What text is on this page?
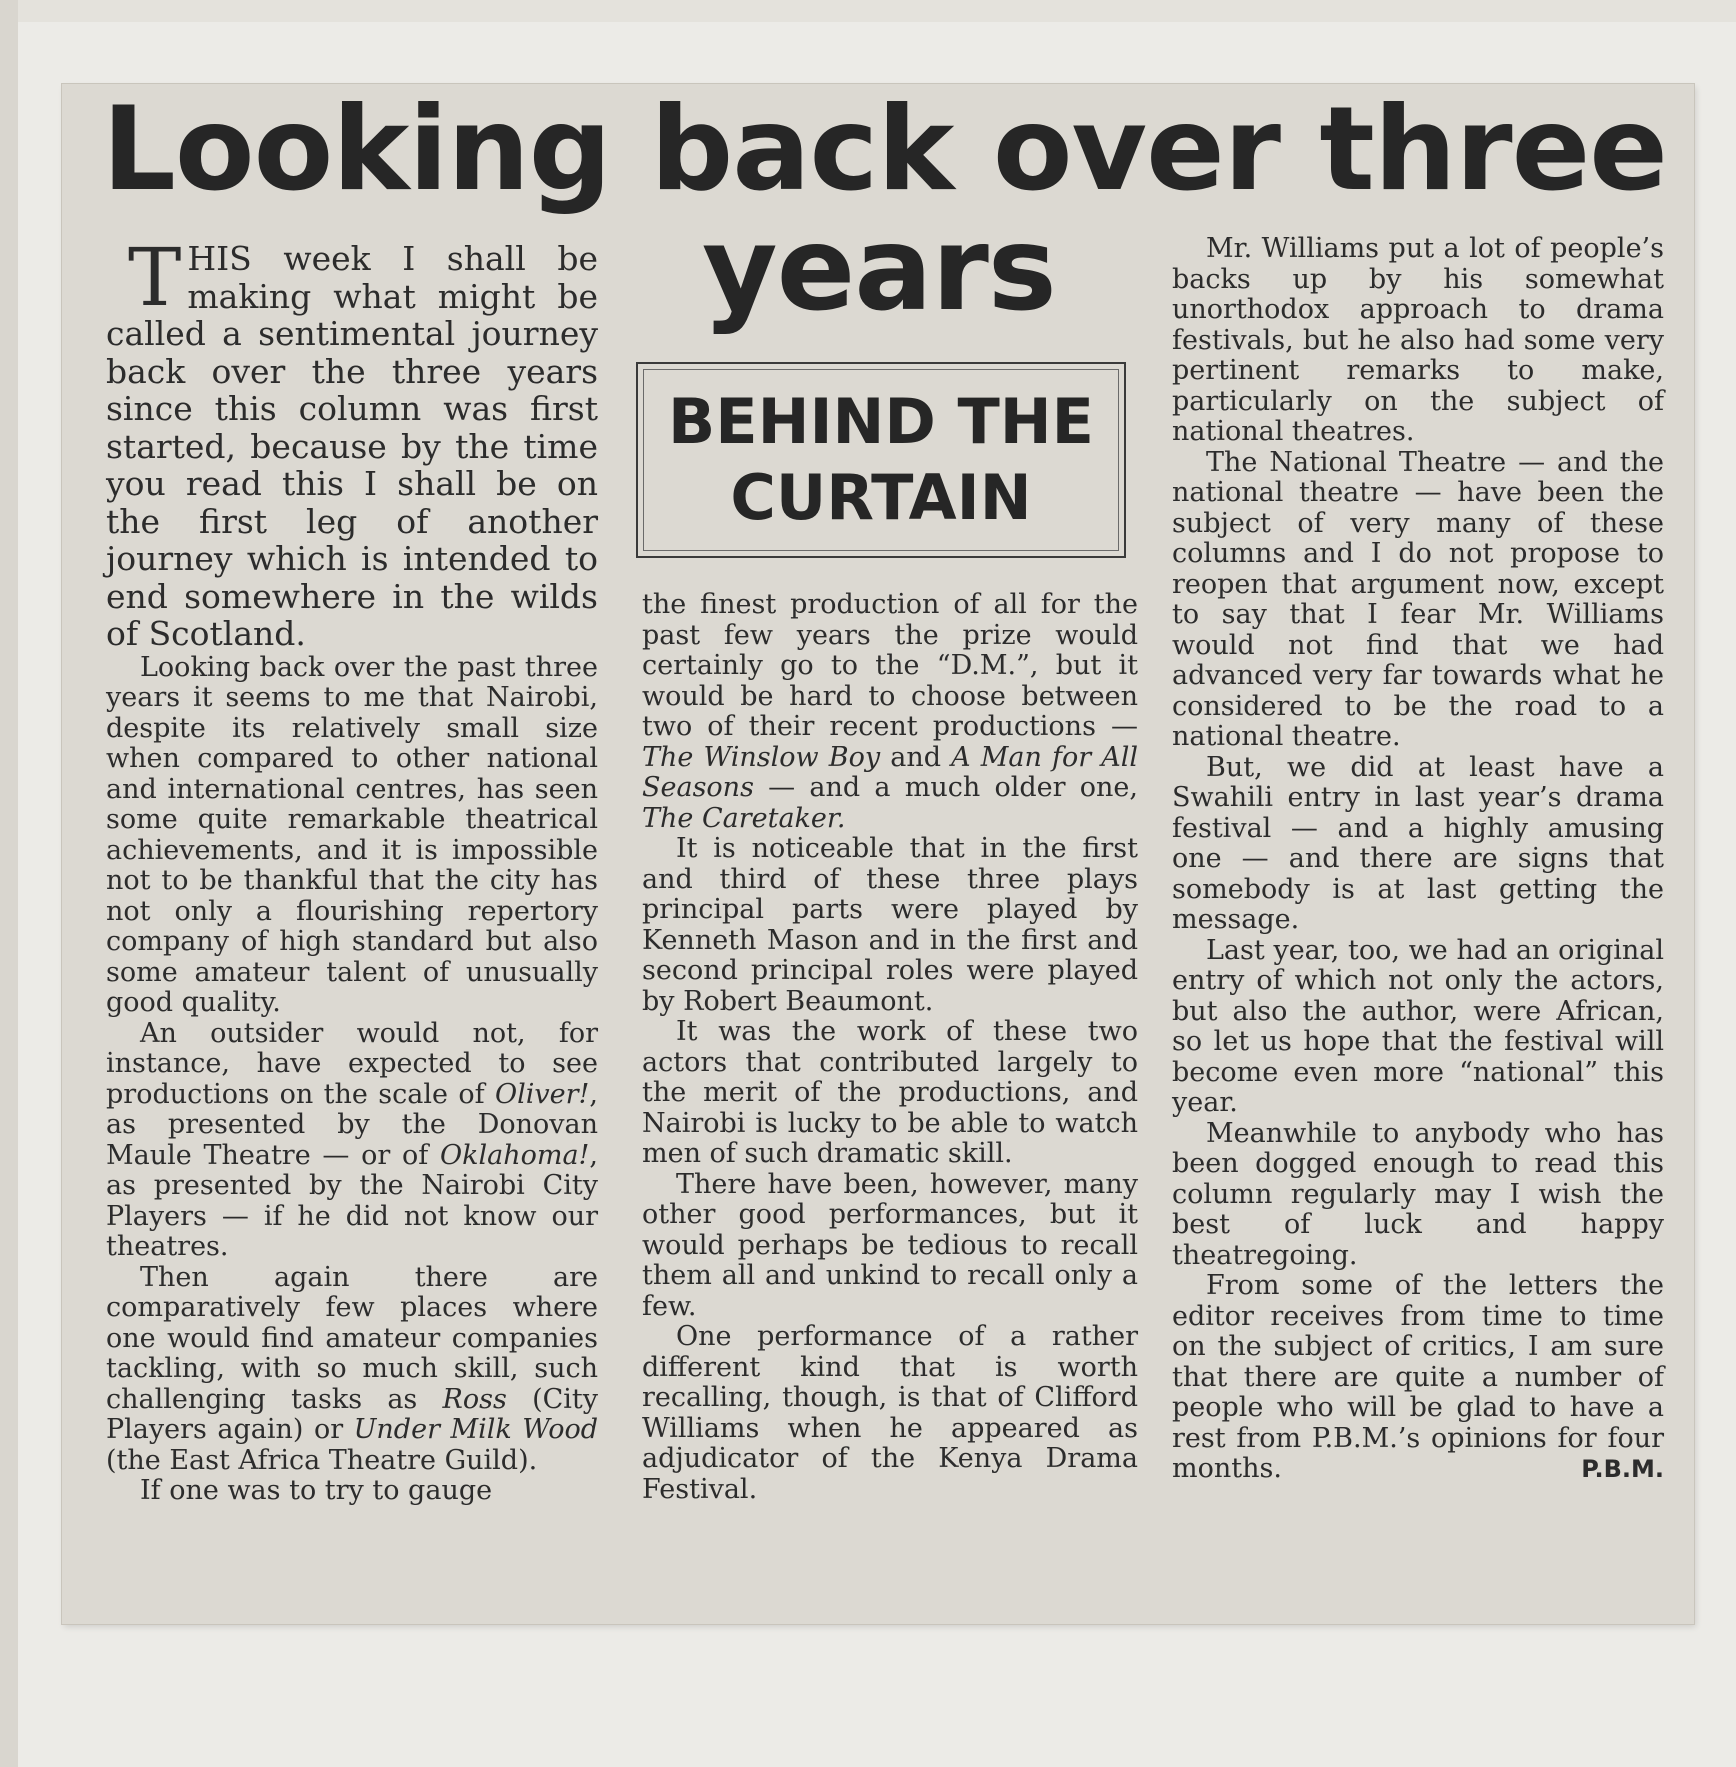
Looking back over three
years
BEHIND THE
CURTAIN

THIS week I shall be making what might be called a sentimental journey back over the three years since this column was first started, because by the time you read this I shall be on the first leg of another journey which is intended to end somewhere in the wilds of Scotland.

Looking back over the past three years it seems to me that Nairobi, despite its relatively small size when compared to other national and international centres, has seen some quite remarkable theatrical achievements, and it is impossible not to be thankful that the city has not only a flourishing repertory company of high standard but also some amateur talent of unusually good quality.

An outsider would not, for instance, have expected to see productions on the scale of Oliver!, as presented by the Donovan Maule Theatre — or of Oklahoma!, as presented by the Nairobi City Players — if he did not know our theatres.

Then again there are comparatively few places where one would find amateur companies tackling, with so much skill, such challenging tasks as Ross (City Players again) or Under Milk Wood (the East Africa Theatre Guild).

If one was to try to gauge

the finest production of all for the past few years the prize would certainly go to the “D.M.”, but it would be hard to choose between two of their recent productions — The Winslow Boy and A Man for All Seasons — and a much older one, The Caretaker.

It is noticeable that in the first and third of these three plays principal parts were played by Kenneth Mason and in the first and second principal roles were played by Robert Beaumont.

It was the work of these two actors that contributed largely to the merit of the productions, and Nairobi is lucky to be able to watch men of such dramatic skill.

There have been, however, many other good performances, but it would perhaps be tedious to recall them all and unkind to recall only a few.

One performance of a rather different kind that is worth recalling, though, is that of Clifford Williams when he appeared as adjudicator of the Kenya Drama Festival.

Mr. Williams put a lot of people’s backs up by his somewhat unorthodox approach to drama festivals, but he also had some very pertinent remarks to make, particularly on the subject of national theatres.

The National Theatre — and the national theatre — have been the subject of very many of these columns and I do not propose to reopen that argument now, except to say that I fear Mr. Williams would not find that we had advanced very far towards what he considered to be the road to a national theatre.

But, we did at least have a Swahili entry in last year’s drama festival — and a highly amusing one — and there are signs that somebody is at last getting the message.

Last year, too, we had an original entry of which not only the actors, but also the author, were African, so let us hope that the festival will become even more “national” this year.

Meanwhile to anybody who has been dogged enough to read this column regularly may I wish the best of luck and happy theatregoing.

From some of the letters the editor receives from time to time on the subject of critics, I am sure that there are quite a number of people who will be glad to have a rest from P.B.M.’s opinions for four months.	P.B.M.
